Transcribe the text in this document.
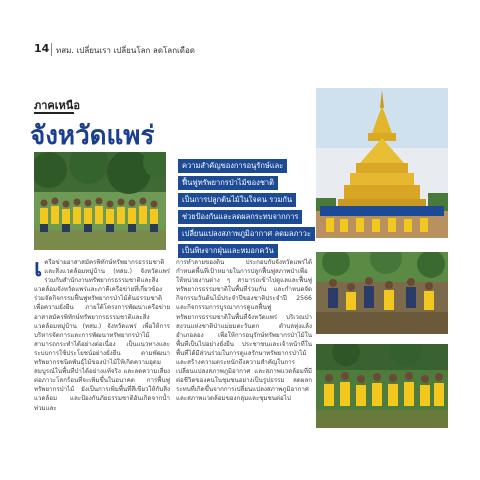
14 ทสม. เปลี่ยนเรา เปลี่ยนโลก ลดโลกเดือด
ภาคเหนือ
จังหวัดแพร่
ความสำคัญของการอนุรักษ์และ
ฟื้นฟูทรัพยากรป่าไม้ของชาติ
เป็นการปลูกต้นไม้ในใจคน รวมกัน
ช่วยป้องกันและลดผลกระทบจากการ
เปลี่ยนแปลงสภาพภูมิอากาศ ลดมลภาวะ
เป็นพิษจากฝุ่นและหมอกควัน
เ ครือข่ายอาสาสมัครพิทักษ์ทรัพยากรธรรมชาติและสิ่งแวดล้อมหมู่บ้าน (ทสม.) จังหวัดแพร่ ร่วมกับสำนักงานทรัพยากรธรรมชาติและสิ่งแวดล้อมจังหวัดแพร่และภาคีเครือข่ายที่เกี่ยวข้อง ร่วมจัดกิจกรรมฟื้นฟูทรัพยากรป่าไม้ต้นธรรมชาติเพื่อความยั่งยืน ภายใต้โครงการพัฒนาเครือข่ายอาสาสมัครพิทักษ์ทรัพยากรธรรมชาติและสิ่งแวดล้อมหมู่บ้าน (ทสม.) จังหวัดแพร่ เพื่อให้การบริหารจัดการและการพัฒนาทรัพยากรป่าไม้ สามารถกระทำได้อย่างต่อเนื่อง เป็นแนวทางและระบบการใช้ประโยชน์อย่างยั่งยืน ตามพัฒนาทรัพยากรชนิดพันธุ์ไม้ของป่าไม้ให้เกิดความอุดมสมบูรณ์ในพื้นที่ป่าได้อย่างแท้จริง และลดความเสี่ยงต่อภาวะโลกร้อนที่จะเพิ่มขึ้นในอนาคต การพื้นฟูทรัพยากรป่าไม้ ยังเป็นการเพิ่มพื้นที่สีเขียวให้กับสิ่งแวดล้อม และป้องกันภัยธรรมชาติอันเกิดจากน้ำท่วมและ
การทำลายของดิน ประกอบกับจังหวัดแพร่ได้กำหนดพื้นที่เป้าหมายในการปลูกฟื้นฟูสภาพป่าเพื่อให้หน่วยงานต่าง ๆ สามารถเข้าไปดูแลและฟื้นฟูทรัพยากรธรรมชาติในพื้นที่ร่วมกัน และกำหนดจัดกิจกรรมวันต้นไม้ประจำปีของชาติประจำปี 2566 และกิจกรรมการบูรณาการดูแลฟื้นฟูทรัพยากรธรรมชาติในพื้นที่จังหวัดแพร่ บริเวณป่าสงวนแห่งชาติป่าแม่ยมตะวันตก ตำบลทุ่งแล้ง อำเภอลอง เพื่อให้การอนุรักษ์ทรัพยากรป่าไม้ในพื้นที่เป็นไปอย่างยั่งยืน ประชาชนและเจ้าหน้าที่ในพื้นที่ได้มีส่วนร่วมในการดูแลรักษาทรัพยากรป่าไม้ และสร้างความตระหนักถึงความสำคัญในการเปลี่ยนแปลงสภาพภูมิอากาศ และสภาพแวดล้อมที่มีต่อชีวิตของคนในชุมชนอย่างเป็นรูปธรรม ลดผลกระทบที่เกิดขึ้นจากการเปลี่ยนแปลงสภาพภูมิอากาศและสภาพแวดล้อมของกลุ่มและชุมชนต่อไป
